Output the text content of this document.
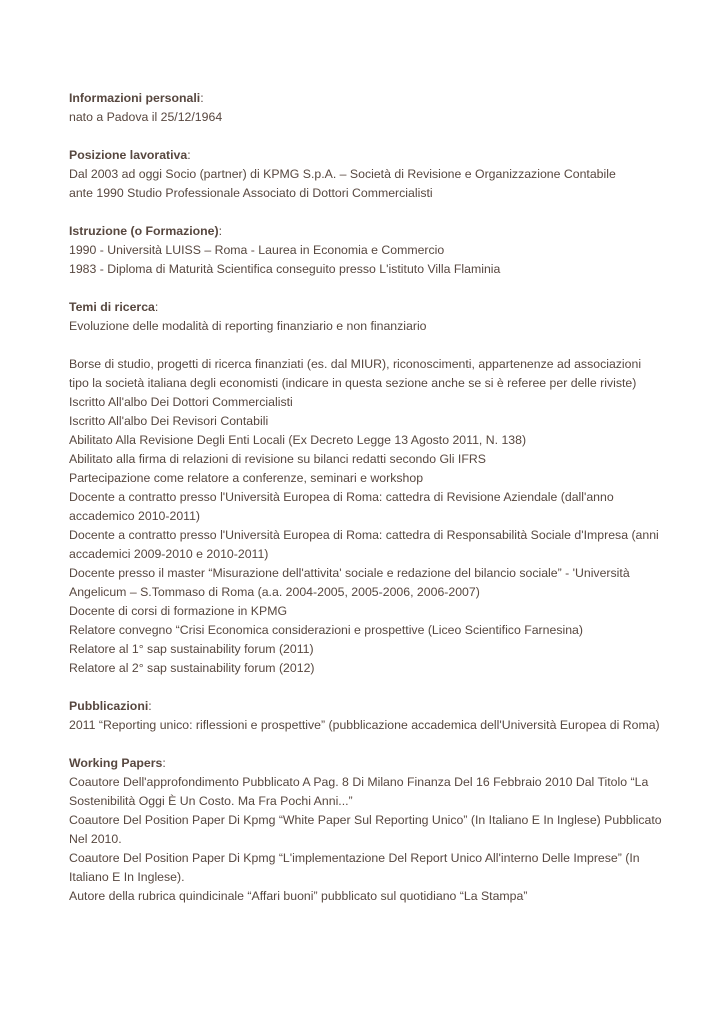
Informazioni personali:

nato a Padova il 25/12/1964

Posizione lavorativa:

Dal 2003 ad oggi Socio (partner) di KPMG S.p.A. – Società di Revisione e Organizzazione Contabile

ante 1990 Studio Professionale Associato di Dottori Commercialisti

Istruzione (o Formazione):

1990 - Università LUISS – Roma - Laurea in Economia e Commercio

1983 - Diploma di Maturità Scientifica conseguito presso L'istituto Villa Flaminia

Temi di ricerca:

Evoluzione delle modalità di reporting finanziario e non finanziario

Borse di studio, progetti di ricerca finanziati (es. dal MIUR), riconoscimenti, appartenenze ad associazioni

tipo la società italiana degli economisti (indicare in questa sezione anche se si è referee per delle riviste)

Iscritto All'albo Dei Dottori Commercialisti

Iscritto All'albo Dei Revisori Contabili

Abilitato Alla Revisione Degli Enti Locali (Ex Decreto Legge 13 Agosto 2011, N. 138)

Abilitato alla firma di relazioni di revisione su bilanci redatti secondo Gli IFRS

Partecipazione come relatore a conferenze, seminari e workshop

Docente a contratto presso l'Università Europea di Roma: cattedra di Revisione Aziendale (dall'anno

accademico 2010-2011)

Docente a contratto presso l'Università Europea di Roma: cattedra di Responsabilità Sociale d'Impresa (anni

accademici 2009-2010 e 2010-2011)

Docente presso il master “Misurazione dell'attivita' sociale e redazione del bilancio sociale” - 'Università

Angelicum – S.Tommaso di Roma (a.a. 2004-2005, 2005-2006, 2006-2007)

Docente di corsi di formazione in KPMG

Relatore convegno “Crisi Economica considerazioni e prospettive (Liceo Scientifico Farnesina)

Relatore al 1° sap sustainability forum (2011)

Relatore al 2° sap sustainability forum (2012)

Pubblicazioni:

2011 “Reporting unico: riflessioni e prospettive” (pubblicazione accademica dell'Università Europea di Roma)

Working Papers:

Coautore Dell'approfondimento Pubblicato A Pag. 8 Di Milano Finanza Del 16 Febbraio 2010 Dal Titolo “La

Sostenibilità Oggi È Un Costo. Ma Fra Pochi Anni...”

Coautore Del Position Paper Di Kpmg “White Paper Sul Reporting Unico” (In Italiano E In Inglese) Pubblicato

Nel 2010.

Coautore Del Position Paper Di Kpmg “L'implementazione Del Report Unico All'interno Delle Imprese” (In

Italiano E In Inglese).

Autore della rubrica quindicinale “Affari buoni” pubblicato sul quotidiano “La Stampa”
